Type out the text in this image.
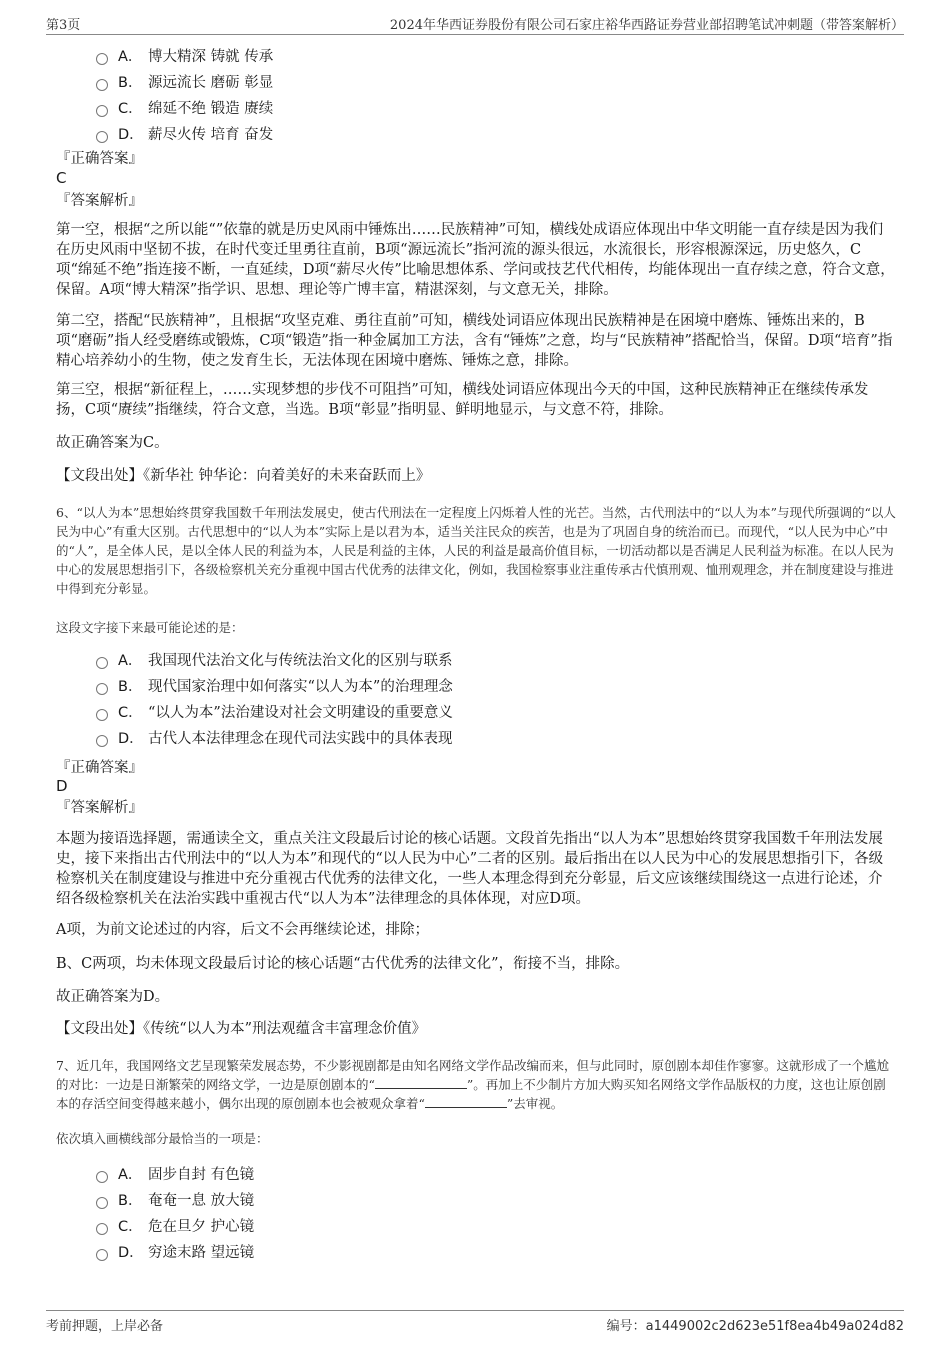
第3页	2024年华西证券股份有限公司石家庄裕华西路证券营业部招聘笔试冲刺题（带答案解析）
A． 博大精深 铸就 传承
B． 源远流长 磨砺 彰显
C． 绵延不绝 锻造 赓续
D． 薪尽火传 培育 奋发
『正确答案』
C
『答案解析』
第一空，根据“之所以能“”依靠的就是历史风雨中锤炼出……民族精神”可知，横线处成语应体现出中华文明能一直存续是因为我们在历史风雨中坚韧不拔，在时代变迁里勇往直前，B项“源远流长”指河流的源头很远，水流很长，形容根源深远，历史悠久，C项“绵延不绝”指连接不断，一直延续，D项“薪尽火传”比喻思想体系、学问或技艺代代相传，均能体现出一直存续之意，符合文意，保留。A项“博大精深”指学识、思想、理论等广博丰富，精湛深刻，与文意无关，排除。
第二空，搭配“民族精神”，且根据“攻坚克难、勇往直前”可知，横线处词语应体现出民族精神是在困境中磨炼、锤炼出来的，B项“磨砺”指人经受磨练或锻炼，C项“锻造”指一种金属加工方法，含有“锤炼”之意，均与“民族精神”搭配恰当，保留。D项“培育”指精心培养幼小的生物，使之发育生长，无法体现在困境中磨炼、锤炼之意，排除。
第三空，根据“新征程上，……实现梦想的步伐不可阻挡”可知，横线处词语应体现出今天的中国，这种民族精神正在继续传承发扬，C项“赓续”指继续，符合文意，当选。B项“彰显”指明显、鲜明地显示，与文意不符，排除。
故正确答案为C。
【文段出处】《新华社 钟华论：向着美好的未来奋跃而上》
6、“以人为本”思想始终贯穿我国数千年刑法发展史，使古代刑法在一定程度上闪烁着人性的光芒。当然，古代刑法中的“以人为本”与现代所强调的“以人民为中心”有重大区别。古代思想中的“以人为本”实际上是以君为本，适当关注民众的疾苦，也是为了巩固自身的统治而已。而现代，“以人民为中心”中的“人”，是全体人民，是以全体人民的利益为本，人民是利益的主体，人民的利益是最高价值目标，一切活动都以是否满足人民利益为标准。在以人民为中心的发展思想指引下，各级检察机关充分重视中国古代优秀的法律文化，例如，我国检察事业注重传承古代慎刑观、恤刑观理念，并在制度建设与推进中得到充分彰显。
这段文字接下来最可能论述的是：
A． 我国现代法治文化与传统法治文化的区别与联系
B． 现代国家治理中如何落实“以人为本”的治理理念
C． “以人为本”法治建设对社会文明建设的重要意义
D． 古代人本法律理念在现代司法实践中的具体表现
『正确答案』
D
『答案解析』
本题为接语选择题，需通读全文，重点关注文段最后讨论的核心话题。文段首先指出“以人为本”思想始终贯穿我国数千年刑法发展史，接下来指出古代刑法中的“以人为本”和现代的“以人民为中心”二者的区别。最后指出在以人民为中心的发展思想指引下，各级检察机关在制度建设与推进中充分重视古代优秀的法律文化，一些人本理念得到充分彰显，后文应该继续围绕这一点进行论述，介绍各级检察机关在法治实践中重视古代“以人为本”法律理念的具体体现，对应D项。
A项，为前文论述过的内容，后文不会再继续论述，排除；
B、C两项，均未体现文段最后讨论的核心话题“古代优秀的法律文化”，衔接不当，排除。
故正确答案为D。
【文段出处】《传统“以人为本”刑法观蕴含丰富理念价值》
7、近几年，我国网络文艺呈现繁荣发展态势，不少影视剧都是由知名网络文学作品改编而来，但与此同时，原创剧本却佳作寥寥。这就形成了一个尴尬的对比：一边是日渐繁荣的网络文学，一边是原创剧本的“	”。再加上不少制片方加大购买知名网络文学作品版权的力度，这也让原创剧本的存活空间变得越来越小，偶尔出现的原创剧本也会被观众拿着“	”去审视。
依次填入画横线部分最恰当的一项是：
A． 固步自封 有色镜
B． 奄奄一息 放大镜
C． 危在旦夕 护心镜
D． 穷途末路 望远镜
考前押题，上岸必备	编号：a1449002c2d623e51f8ea4b49a024d82
